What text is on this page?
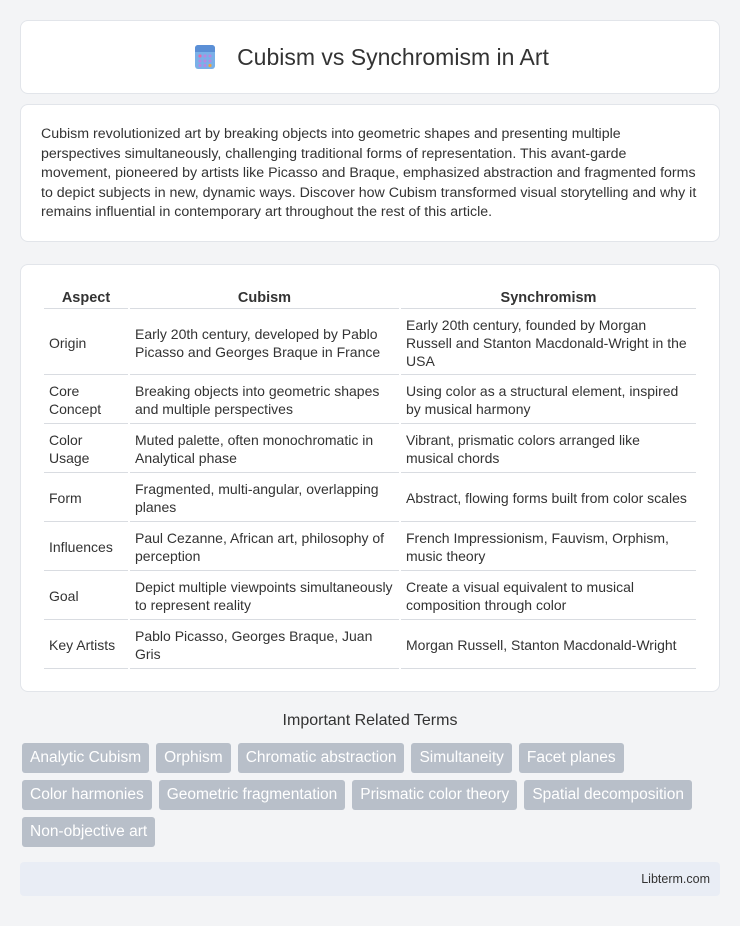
Cubism vs Synchromism in Art

Cubism revolutionized art by breaking objects into geometric shapes and presenting multiple perspectives simultaneously, challenging traditional forms of representation. This avant-garde movement, pioneered by artists like Picasso and Braque, emphasized abstraction and fragmented forms to depict subjects in new, dynamic ways. Discover how Cubism transformed visual storytelling and why it remains influential in contemporary art throughout the rest of this article.

Aspect	Cubism	Synchromism
Origin	Early 20th century, developed by Pablo Picasso and Georges Braque in France	Early 20th century, founded by Morgan Russell and Stanton Macdonald-Wright in the USA
Core Concept	Breaking objects into geometric shapes and multiple perspectives	Using color as a structural element, inspired by musical harmony
Color Usage	Muted palette, often monochromatic in Analytical phase	Vibrant, prismatic colors arranged like musical chords
Form	Fragmented, multi-angular, overlapping planes	Abstract, flowing forms built from color scales
Influences	Paul Cezanne, African art, philosophy of perception	French Impressionism, Fauvism, Orphism, music theory
Goal	Depict multiple viewpoints simultaneously to represent reality	Create a visual equivalent to musical composition through color
Key Artists	Pablo Picasso, Georges Braque, Juan Gris	Morgan Russell, Stanton Macdonald-Wright
Important Related Terms
Analytic Cubism	Orphism	Chromatic abstraction	Simultaneity	Facet planes
Color harmonies	Geometric fragmentation	Prismatic color theory	Spatial decomposition
Non-objective art
Libterm.com
